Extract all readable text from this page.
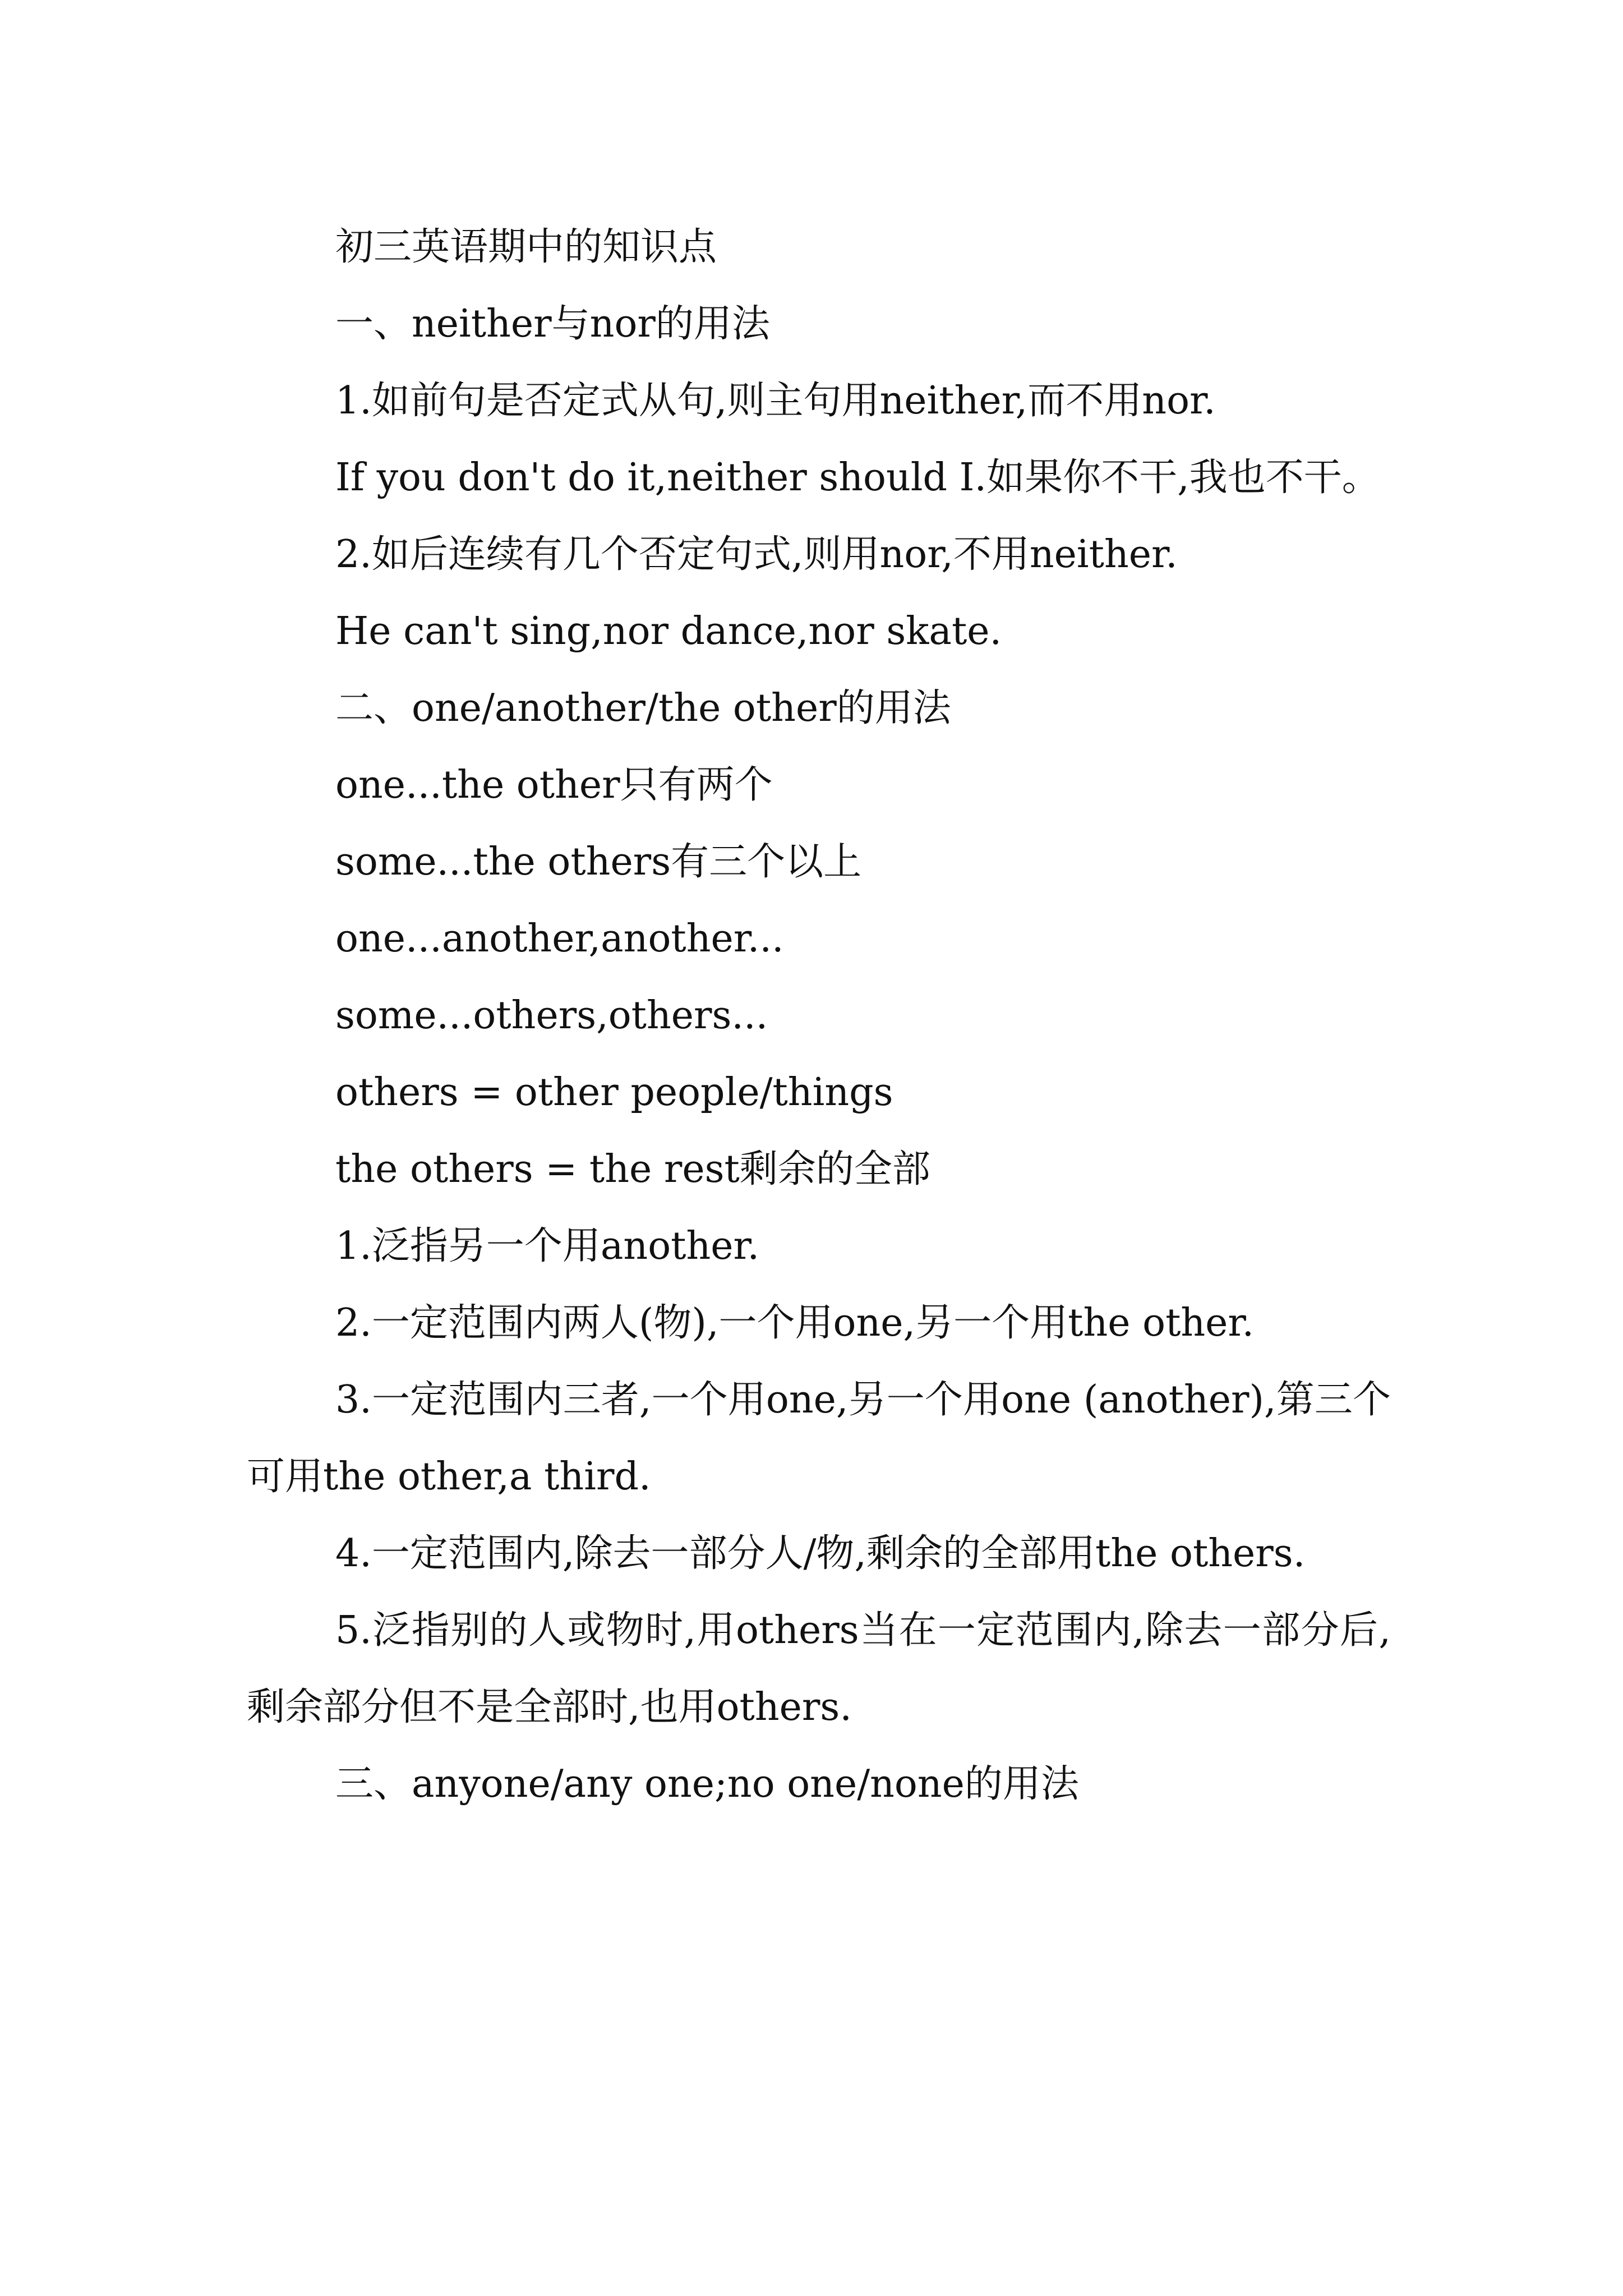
初三英语期中的知识点

一、neither与nor的用法

1.如前句是否定式从句,则主句用neither,而不用nor.

If you don't do it,neither should I.如果你不干,我也不干。

2.如后连续有几个否定句式,则用nor,不用neither.

He can't sing,nor dance,nor skate.

二、one/another/the other的用法

one...the other只有两个

some...the others有三个以上

one...another,another...

some...others,others...

others = other people/things

the others = the rest剩余的全部

1.泛指另一个用another.

2.一定范围内两人(物),一个用one,另一个用the other.

3.一定范围内三者,一个用one,另一个用one (another),第三个可用the other,a third.

4.一定范围内,除去一部分人/物,剩余的全部用the others.

5.泛指别的人或物时,用others当在一定范围内,除去一部分后,剩余部分但不是全部时,也用others.

三、anyone/any one;no one/none的用法
